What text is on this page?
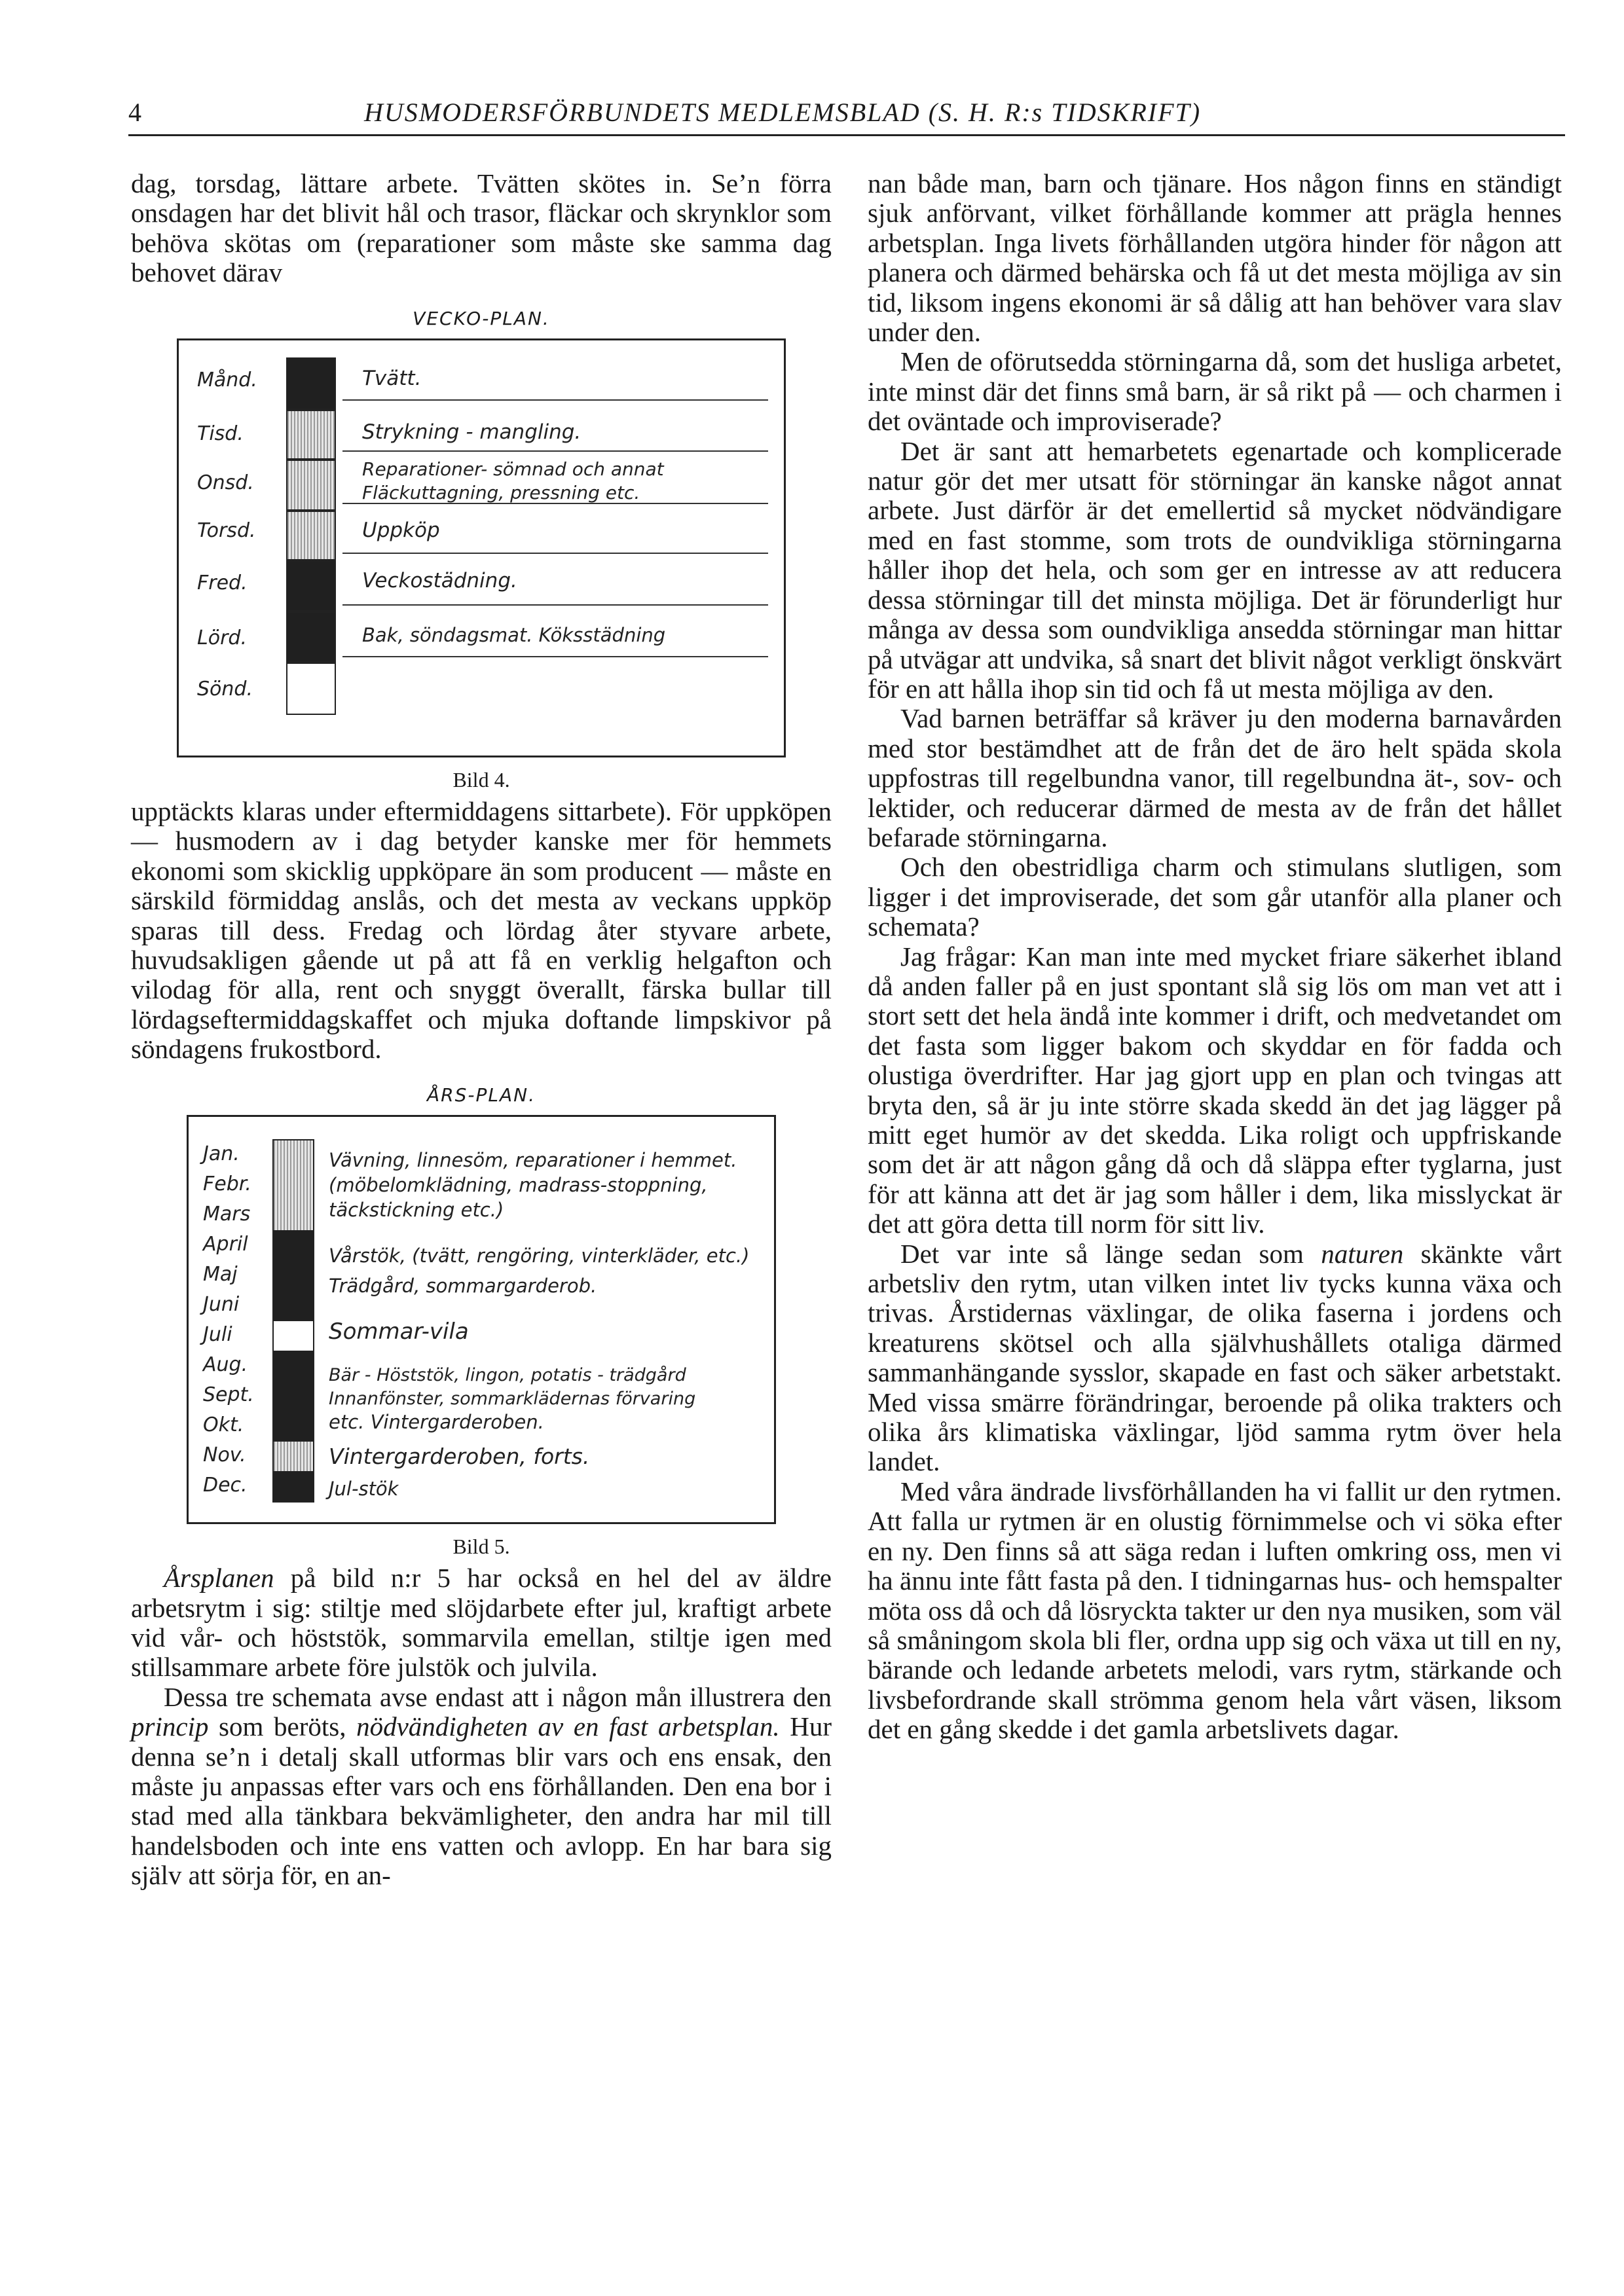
4	HUSMODERSFÖRBUNDETS MEDLEMSBLAD (S. H. R:s TIDSKRIFT)

dag, torsdag, lättare arbete. Tvätten skötes in. Se’n förra onsdagen har det blivit hål och trasor, fläckar och skrynklor som behöva skötas om (reparationer som måste ske samma dag behovet därav

VECKO-PLAN.
Månd.
Tisd.
Onsd.
Torsd.
Fred.
Lörd.
Sönd.
Tvätt.
Strykning - mangling.
Reparationer- sömnad och annat
Fläckuttagning, pressning etc.
Uppköp
Veckostädning.
Bak, söndagsmat. Köksstädning
Bild 4.

upptäckts klaras under eftermiddagens sittarbete). För uppköpen — husmodern av i dag betyder kanske mer för hemmets ekonomi som skicklig uppköpare än som producent — måste en särskild förmiddag anslås, och det mesta av veckans uppköp sparas till dess. Fredag och lördag åter styvare arbete, huvudsakligen gående ut på att få en verklig helgafton och vilodag för alla, rent och snyggt överallt, färska bullar till lördagseftermiddagskaffet och mjuka doftande limpskivor på söndagens frukostbord.

ÅRS-PLAN.
Jan.
Febr.
Mars
April
Maj
Juni
Juli
Aug.
Sept.
Okt.
Nov.
Dec.
Vävning, linnesöm, reparationer i hemmet.
(möbelomklädning, madrass-stoppning,
täckstickning etc.)
Vårstök, (tvätt, rengöring, vinterkläder, etc.)
Trädgård, sommargarderob.
Sommar-vila
Bär - Höststök, lingon, potatis - trädgård
Innanfönster, sommarklädernas förvaring
etc. Vintergarderoben.
Vintergarderoben, forts.
Jul-stök
Bild 5.

Årsplanen på bild n:r 5 har också en hel del av äldre arbetsrytm i sig: stiltje med slöjdarbete efter jul, kraftigt arbete vid vår- och höststök, sommarvila emellan, stiltje igen med stillsammare arbete före julstök och julvila.

Dessa tre schemata avse endast att i någon mån illustrera den princip som beröts, nödvändigheten av en fast arbetsplan. Hur denna se’n i detalj skall utformas blir vars och ens ensak, den måste ju anpassas efter vars och ens förhållanden. Den ena bor i stad med alla tänkbara bekvämligheter, den andra har mil till handelsboden och inte ens vatten och avlopp. En har bara sig själv att sörja för, en an-

nan både man, barn och tjänare. Hos någon finns en ständigt sjuk anförvant, vilket förhållande kommer att prägla hennes arbetsplan. Inga livets förhållanden utgöra hinder för någon att planera och därmed behärska och få ut det mesta möjliga av sin tid, liksom ingens ekonomi är så dålig att han behöver vara slav under den.

Men de oförutsedda störningarna då, som det husliga arbetet, inte minst där det finns små barn, är så rikt på — och charmen i det oväntade och improviserade?

Det är sant att hemarbetets egenartade och komplicerade natur gör det mer utsatt för störningar än kanske något annat arbete. Just därför är det emellertid så mycket nödvändigare med en fast stomme, som trots de oundvikliga störningarna håller ihop det hela, och som ger en intresse av att reducera dessa störningar till det minsta möjliga. Det är förunderligt hur många av dessa som oundvikliga ansedda störningar man hittar på utvägar att undvika, så snart det blivit något verkligt önskvärt för en att hålla ihop sin tid och få ut mesta möjliga av den.

Vad barnen beträffar så kräver ju den moderna barnavården med stor bestämdhet att de från det de äro helt späda skola uppfostras till regelbundna vanor, till regelbundna ät-, sov- och lektider, och reducerar därmed de mesta av de från det hållet befarade störningarna.

Och den obestridliga charm och stimulans slutligen, som ligger i det improviserade, det som går utanför alla planer och schemata?

Jag frågar: Kan man inte med mycket friare säkerhet ibland då anden faller på en just spontant slå sig lös om man vet att i stort sett det hela ändå inte kommer i drift, och medvetandet om det fasta som ligger bakom och skyddar en för fadda och olustiga överdrifter. Har jag gjort upp en plan och tvingas att bryta den, så är ju inte större skada skedd än det jag lägger på mitt eget humör av det skedda. Lika roligt och uppfriskande som det är att någon gång då och då släppa efter tyglarna, just för att känna att det är jag som håller i dem, lika misslyckat är det att göra detta till norm för sitt liv.

Det var inte så länge sedan som naturen skänkte vårt arbetsliv den rytm, utan vilken intet liv tycks kunna växa och trivas. Årstidernas växlingar, de olika faserna i jordens och kreaturens skötsel och alla självhushållets otaliga därmed sammanhängande sysslor, skapade en fast och säker arbetstakt. Med vissa smärre förändringar, beroende på olika trakters och olika års klimatiska växlingar, ljöd samma rytm över hela landet.

Med våra ändrade livsförhållanden ha vi fallit ur den rytmen. Att falla ur rytmen är en olustig förnimmelse och vi söka efter en ny. Den finns så att säga redan i luften omkring oss, men vi ha ännu inte fått fasta på den. I tidningarnas hus- och hemspalter möta oss då och då lösryckta takter ur den nya musiken, som väl så småningom skola bli fler, ordna upp sig och växa ut till en ny, bärande och ledande arbetets melodi, vars rytm, stärkande och livsbefordrande skall strömma genom hela vårt väsen, liksom det en gång skedde i det gamla arbetslivets dagar.
